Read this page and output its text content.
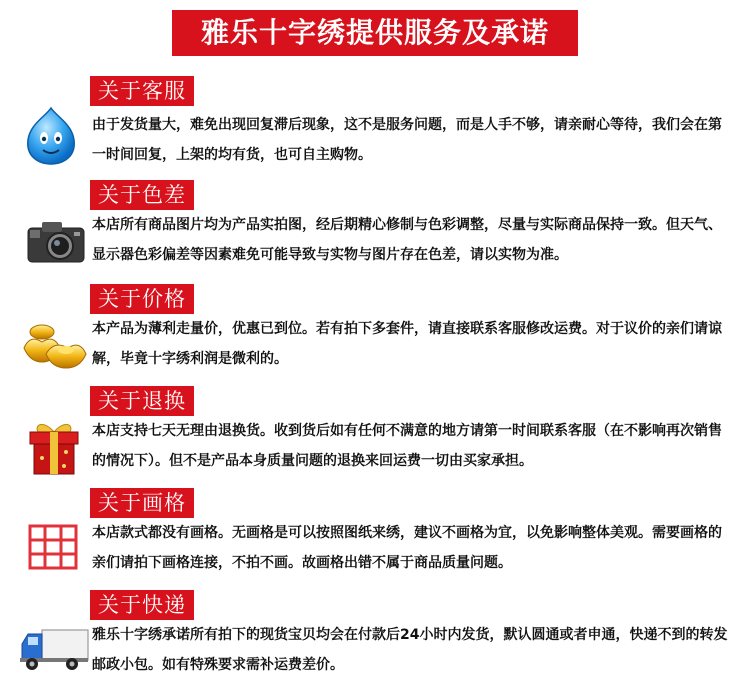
雅乐十字绣提供服务及承诺
关于客服
由于发货量大，难免出现回复滞后现象，这不是服务问题，而是人手不够，请亲耐心等待，我们会在第一时间回复，上架的均有货，也可自主购物。
关于色差
本店所有商品图片均为产品实拍图，经后期精心修制与色彩调整，尽量与实际商品保持一致。但天气、显示器色彩偏差等因素难免可能导致与实物与图片存在色差，请以实物为准。
关于价格
本产品为薄利走量价，优惠已到位。若有拍下多套件，请直接联系客服修改运费。对于议价的亲们请谅解，毕竟十字绣利润是微利的。
关于退换
本店支持七天无理由退换货。收到货后如有任何不满意的地方请第一时间联系客服（在不影响再次销售的情况下）。但不是产品本身质量问题的退换来回运费一切由买家承担。
关于画格
本店款式都没有画格。无画格是可以按照图纸来绣，建议不画格为宜，以免影响整体美观。需要画格的亲们请拍下画格连接，不拍不画。故画格出错不属于商品质量问题。
关于快递
雅乐十字绣承诺所有拍下的现货宝贝均会在付款后24小时内发货，默认圆通或者申通，快递不到的转发邮政小包。如有特殊要求需补运费差价。
